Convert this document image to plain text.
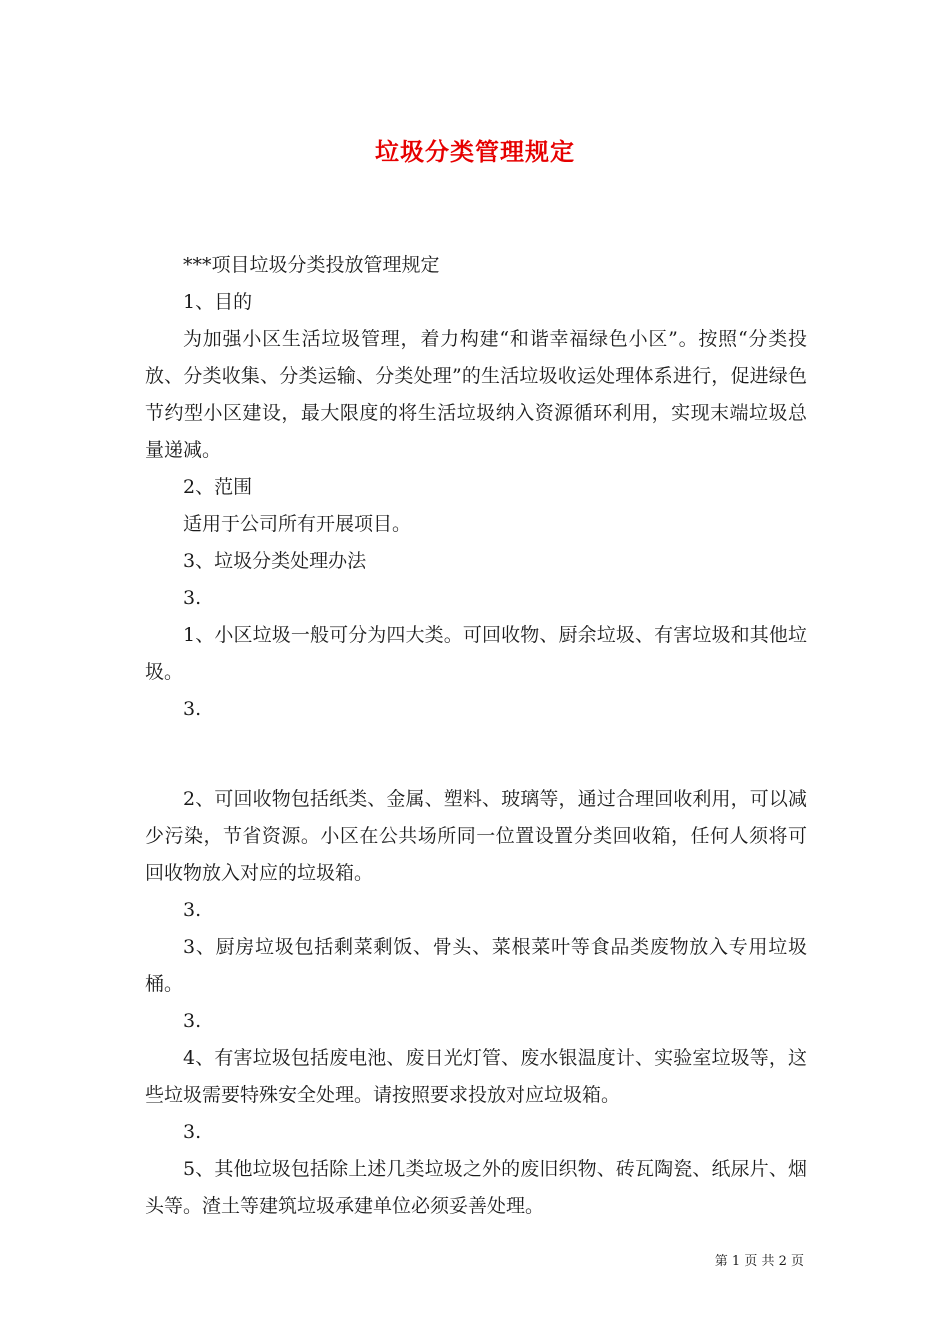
垃圾分类管理规定

***项目垃圾分类投放管理规定

1、目的

为加强小区生活垃圾管理，着力构建“和谐幸福绿色小区”。按照“分类投放、分类收集、分类运输、分类处理”的生活垃圾收运处理体系进行，促进绿色节约型小区建设，最大限度的将生活垃圾纳入资源循环利用，实现末端垃圾总量递减。

2、范围

适用于公司所有开展项目。

3、垃圾分类处理办法

3.

1、小区垃圾一般可分为四大类。可回收物、厨余垃圾、有害垃圾和其他垃圾。

3.

2、可回收物包括纸类、金属、塑料、玻璃等，通过合理回收利用，可以减少污染，节省资源。小区在公共场所同一位置设置分类回收箱，任何人须将可回收物放入对应的垃圾箱。

3.

3、厨房垃圾包括剩菜剩饭、骨头、菜根菜叶等食品类废物放入专用垃圾桶。

3.

4、有害垃圾包括废电池、废日光灯管、废水银温度计、实验室垃圾等，这些垃圾需要特殊安全处理。请按照要求投放对应垃圾箱。

3.

5、其他垃圾包括除上述几类垃圾之外的废旧织物、砖瓦陶瓷、纸尿片、烟头等。渣土等建筑垃圾承建单位必须妥善处理。

第 1 页 共 2 页
